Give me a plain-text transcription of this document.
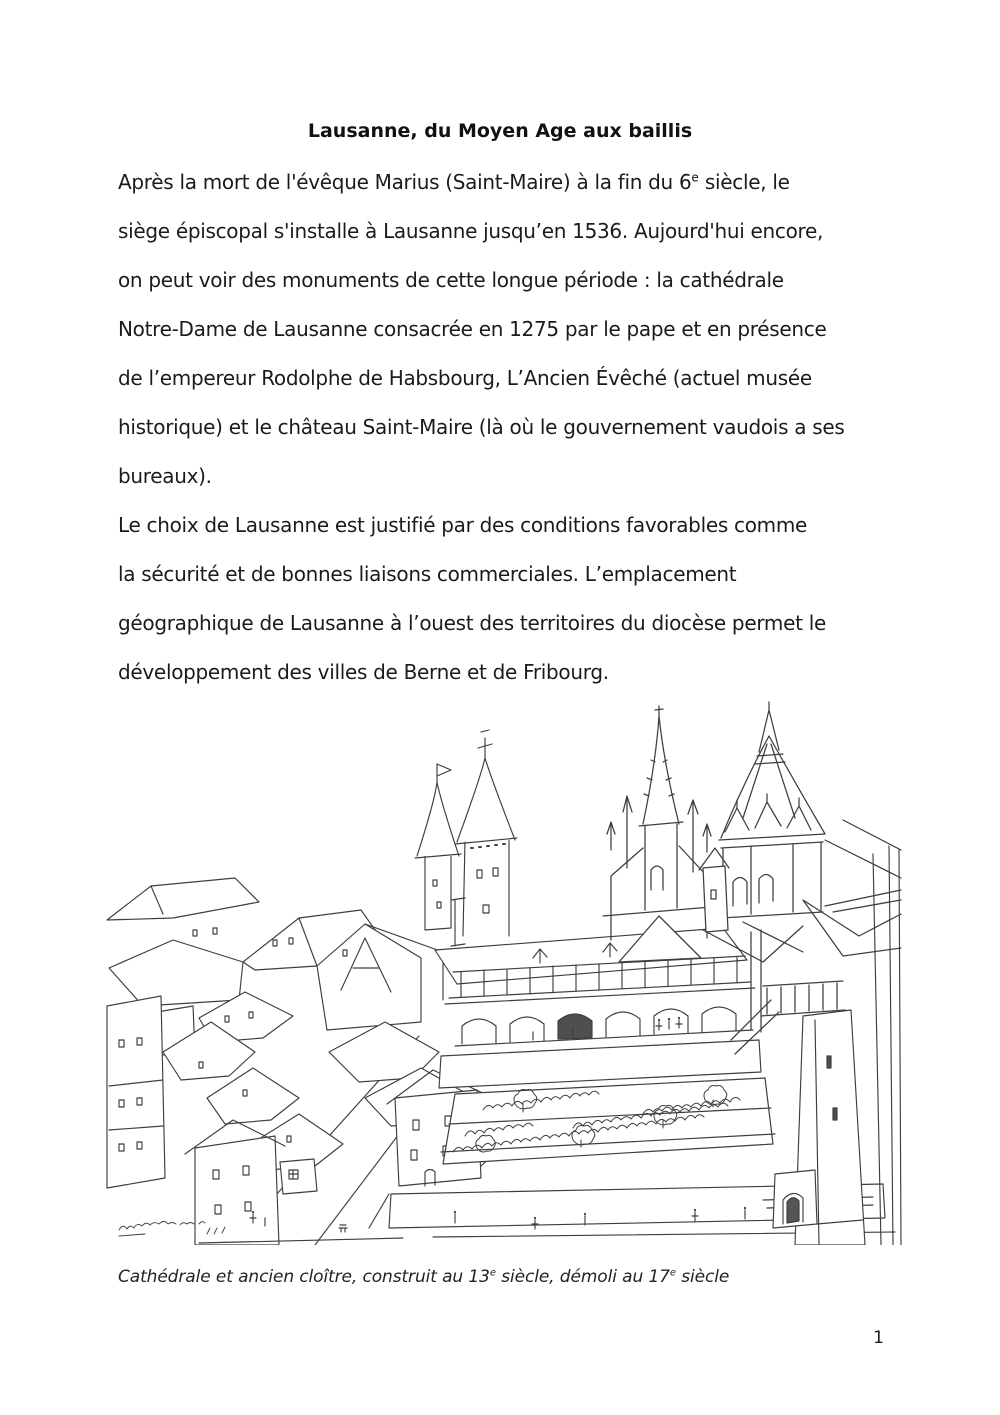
Lausanne, du Moyen Age aux baillis
Après la mort de l'évêque Marius (Saint-Maire) à la fin du 6e siècle, le
siège épiscopal s'installe à Lausanne jusqu’en 1536. Aujourd'hui encore,
on peut voir des monuments de cette longue période : la cathédrale
Notre-Dame de Lausanne consacrée en 1275 par le pape et en présence
de l’empereur Rodolphe de Habsbourg, L’Ancien Évêché (actuel musée
historique) et le château Saint-Maire (là où le gouvernement vaudois a ses
bureaux).
Le choix de Lausanne est justifié par des conditions favorables comme
la sécurité et de bonnes liaisons commerciales. L’emplacement
géographique de Lausanne à l’ouest des territoires du diocèse permet le
développement des villes de Berne et de Fribourg.
Cathédrale et ancien cloître, construit au 13e siècle, démoli au 17e siècle
1
